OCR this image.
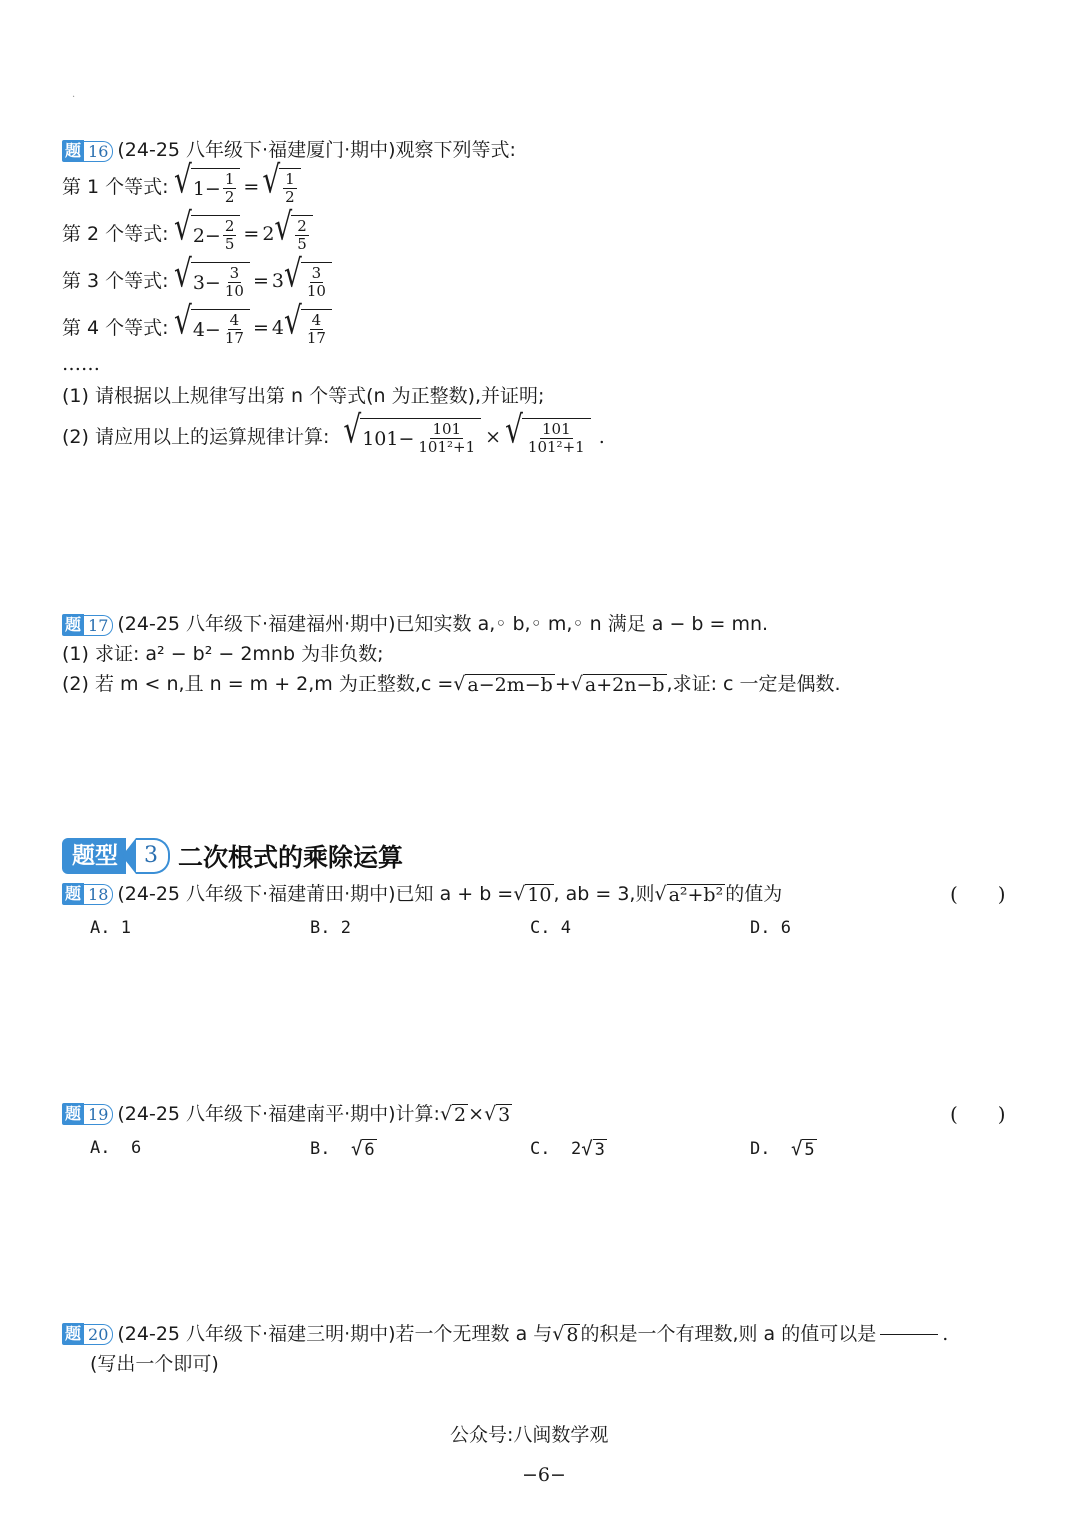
·
题 16 (24-25 八年级下·福建厦门·期中)观察下列等式:
第 1 个等式: √ $1- \frac{1}{2}$ = √ $\frac{1}{2}$
第 2 个等式: √ $2- \frac{2}{5} = 2$ √ $\frac{2}{5}$
第 3 个等式: √ $3- \frac{3}{10} = 3$ √ $\frac{3}{10}$
第 4 个等式: √ $4- \frac{4}{17} = 4$ √ $\frac{4}{17}$
……
(1) 请根据以上规律写出第 n 个等式(n 为正整数),并证明;
(2) 请应用以上的运算规律计算: √ $101- \frac{101}{\text{101²+1}}$ × √ $\frac{101}{\text{101²+1}}$ .
题 17 (24-25 八年级下·福建福州·期中)已知实数 a,◦ b,◦ m,◦ n 满足 a − b = mn.
(1) 求证: a² − b² − 2mnb 为非负数;
(2) 若 m < n,且 n = m + 2,m 为正整数,c = √ a−2m−b + √ a+2n−b ,求证: c 一定是偶数.
题型	3 二次根式的乘除运算
题 18 (24-25 八年级下·福建莆田·期中)已知 a + b = √ 10 , ab = 3,则 √ a²+b² 的值为	(　　)
A. 1	B. 2	C. 4	D. 6
题 19 (24-25 八年级下·福建南平·期中)计算: √ 2 × √ 3	(　　)
A. 6	B. √ 6	C. 2 √ 3	D. √ 5
题 20 (24-25 八年级下·福建三明·期中)若一个无理数 a 与 √ 8 的积是一个有理数,则 a 的值可以是	.
(写出一个即可)
公众号:八闽数学观
−6−
